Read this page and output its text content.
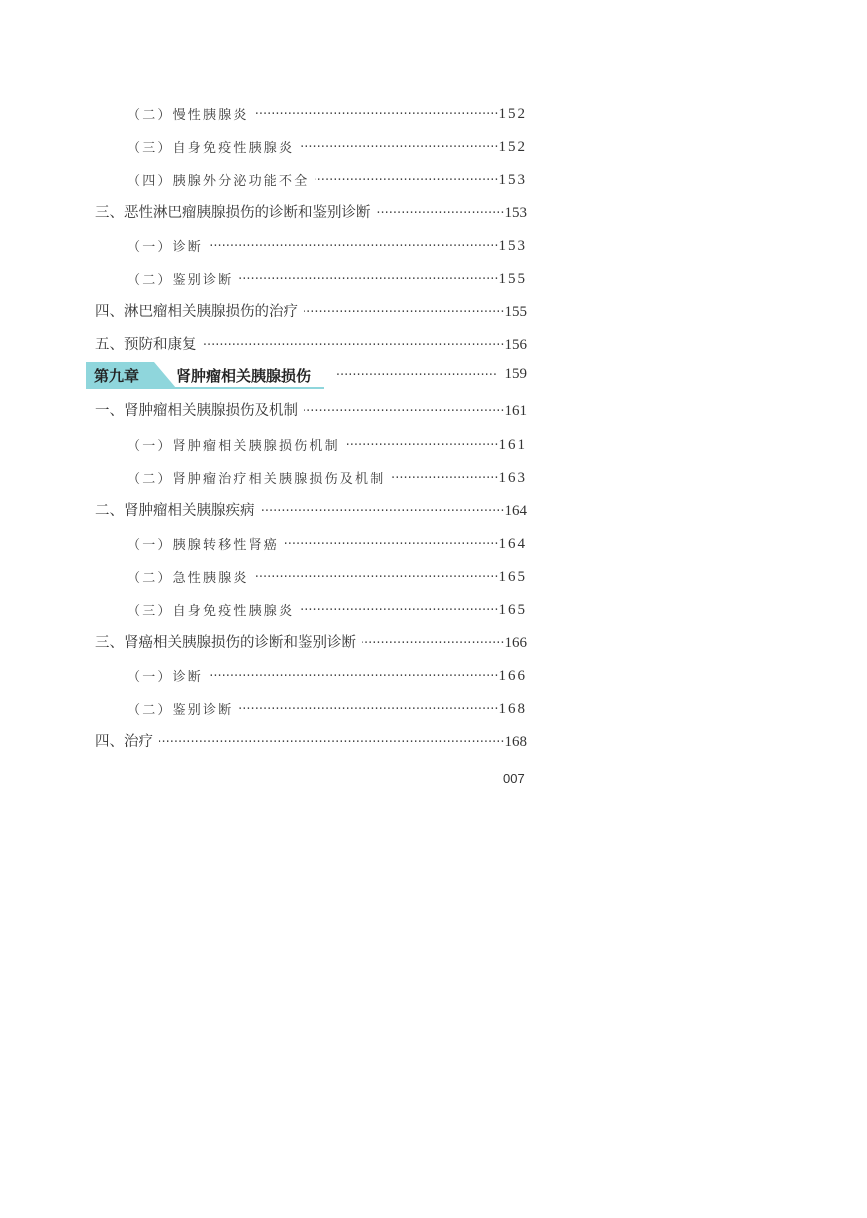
（二）慢性胰腺炎 ·····	152
（三）自身免疫性胰腺炎 ·····	152
（四）胰腺外分泌功能不全 ·····	153
三、恶性淋巴瘤胰腺损伤的诊断和鉴别诊断 ·····	153
（一）诊断 ·····	153
（二）鉴别诊断 ·····	155
四、淋巴瘤相关胰腺损伤的治疗 ·····	155
五、预防和康复 ·····	156
第九章 肾肿瘤相关胰腺损伤 ·····	159
一、肾肿瘤相关胰腺损伤及机制 ·····	161
（一）肾肿瘤相关胰腺损伤机制 ·····	161
（二）肾肿瘤治疗相关胰腺损伤及机制 ·····	163
二、肾肿瘤相关胰腺疾病 ·····	164
（一）胰腺转移性肾癌 ·····	164
（二）急性胰腺炎 ·····	165
（三）自身免疫性胰腺炎 ·····	165
三、肾癌相关胰腺损伤的诊断和鉴别诊断 ·····	166
（一）诊断 ·····	166
（二）鉴别诊断 ·····	168
四、治疗 ·····	168
007
